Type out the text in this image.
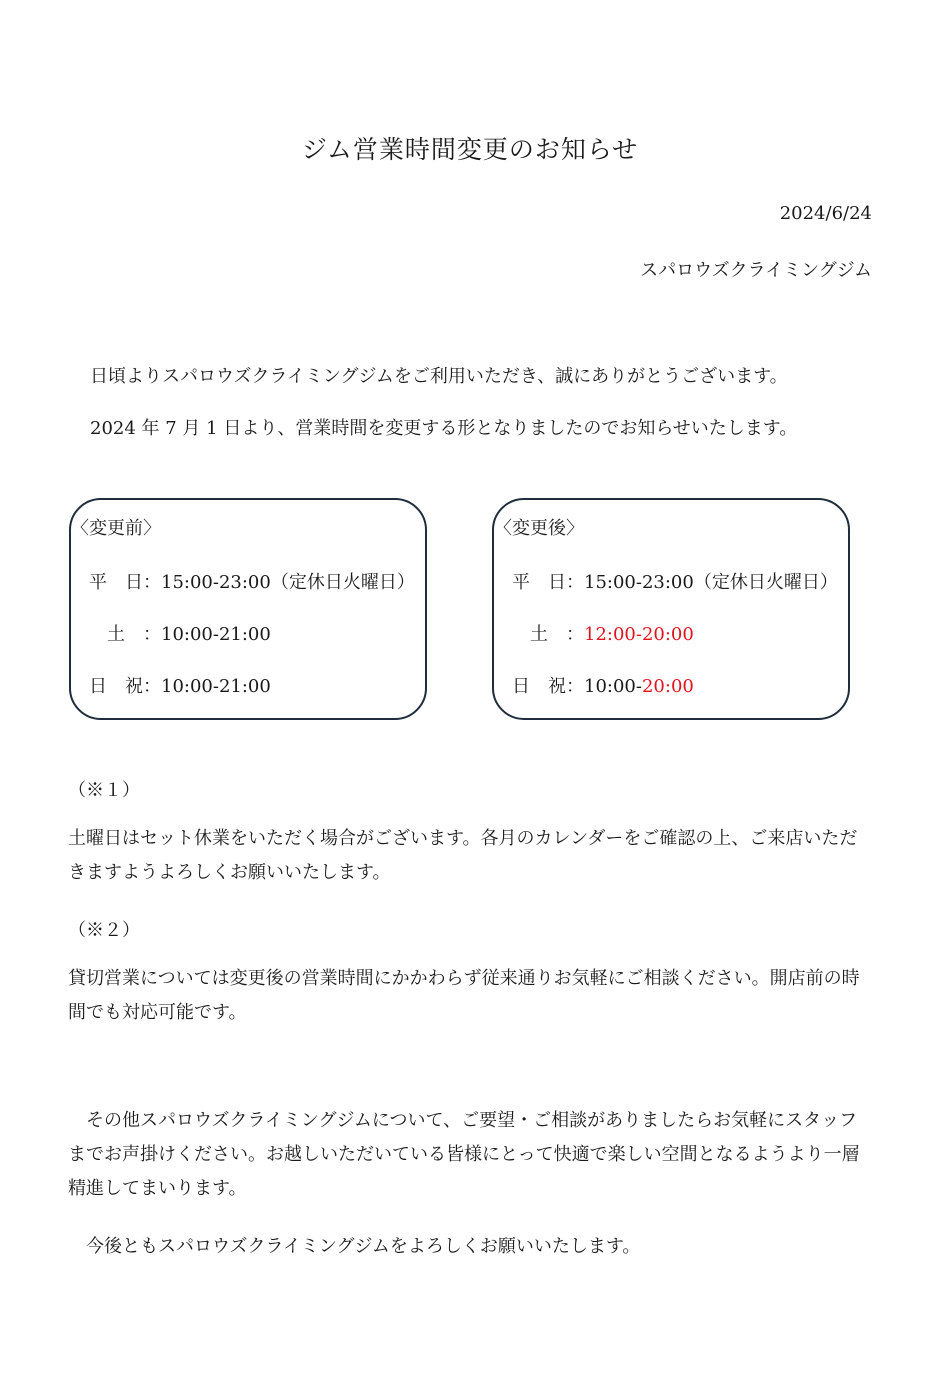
ジム営業時間変更のお知らせ
2024/6/24
スパロウズクライミングジム
日頃よりスパロウズクライミングジムをご利用いただき、誠にありがとうございます。
2024 年 7 月 1 日より、営業時間を変更する形となりましたのでお知らせいたします。
〈変更前〉
平　日：15:00-23:00（定休日火曜日）
土　：10:00-21:00
日　祝：10:00-21:00
〈変更後〉
平　日：15:00-23:00（定休日火曜日）
土　：12:00-20:00
日　祝：10:00-20:00
（※１）
土曜日はセット休業をいただく場合がございます。各月のカレンダーをご確認の上、ご来店いただきますようよろしくお願いいたします。
（※２）
貸切営業については変更後の営業時間にかかわらず従来通りお気軽にご相談ください。開店前の時間でも対応可能です。
その他スパロウズクライミングジムについて、ご要望・ご相談がありましたらお気軽にスタッフまでお声掛けください。お越しいただいている皆様にとって快適で楽しい空間となるようより一層精進してまいります。
今後ともスパロウズクライミングジムをよろしくお願いいたします。
